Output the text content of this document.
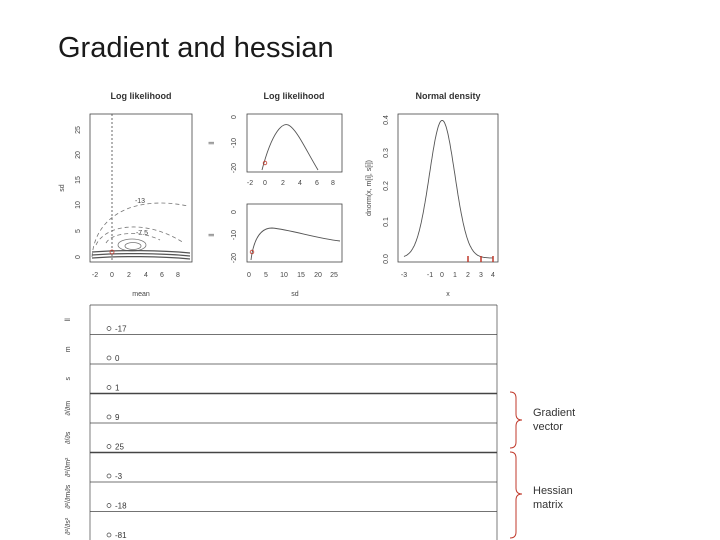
Gradient and hessian
Log likelihood
-13
-7.5
-2 0 2 4 6 8
mean
0
5
10
15
20
25
sd
Log likelihood
-2 0 2 4 6 8
0
-10
-20
ll
0 5 10 15 20 25
0
-10
-20
ll
sd
Normal density
-3	-1 0 1 2 3 4
x
0.0
0.1
0.2
0.3
0.4
dnorm(x, m[i], s[i])
ll
-17
m
0
s
1
∂/∂m
9
∂/∂s
25
∂²/∂m²	-3
∂²/∂m∂s	-18
∂²/∂s²
-81
Gradient
vector
Hessian
matrix
